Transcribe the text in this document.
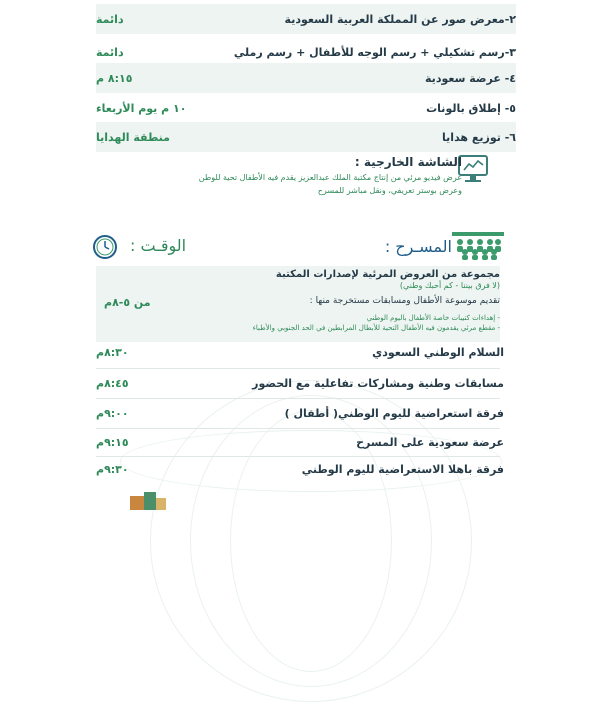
٢-معرض صور عن المملكة العربية السعودية
دائمة
٣-رسم تشكيلي + رسم الوجه للأطفال + رسم رملي
دائمة
٤- عرضة سعودية
٨:١٥ م
٥- إطلاق بالونات
١٠ م يوم الأربعاء
٦- توزيع هدايا
منطقة الهدايا
الشاشة الخارجية :
عرض فيديو مرئي من إنتاج مكتبة الملك عبدالعزيز يقدم فيه الأطفال تحية للوطن
وعرض بوستر تعريفي، ونقل مباشر للمسرح
المسـرح :
الوقـت :
مجموعة من العروض المرئية لإصدارات المكتبة
(لا فرق بيننا - كم أحبك وطني)
تقديم موسوعة الأطفال ومسابقات مستخرجة منها :
- إهداءات كتيبات خاصة الأطفال باليوم الوطني
- مقطع مرئي يقدمون فيه الأطفال التحية للأبطال المرابطين في الحد الجنوبي والأطباء
من ٥-٨م
السلام الوطني السعودي
٨:٣٠م
مسابقات وطنية ومشاركات تفاعلية مع الحضور
٨:٤٥م
فرقة استعراضية لليوم الوطني( أطفال )
٩:٠٠م
عرضة سعودية على المسرح
٩:١٥م
فرقة باهلا الاستعراضية لليوم الوطني
٩:٣٠م
